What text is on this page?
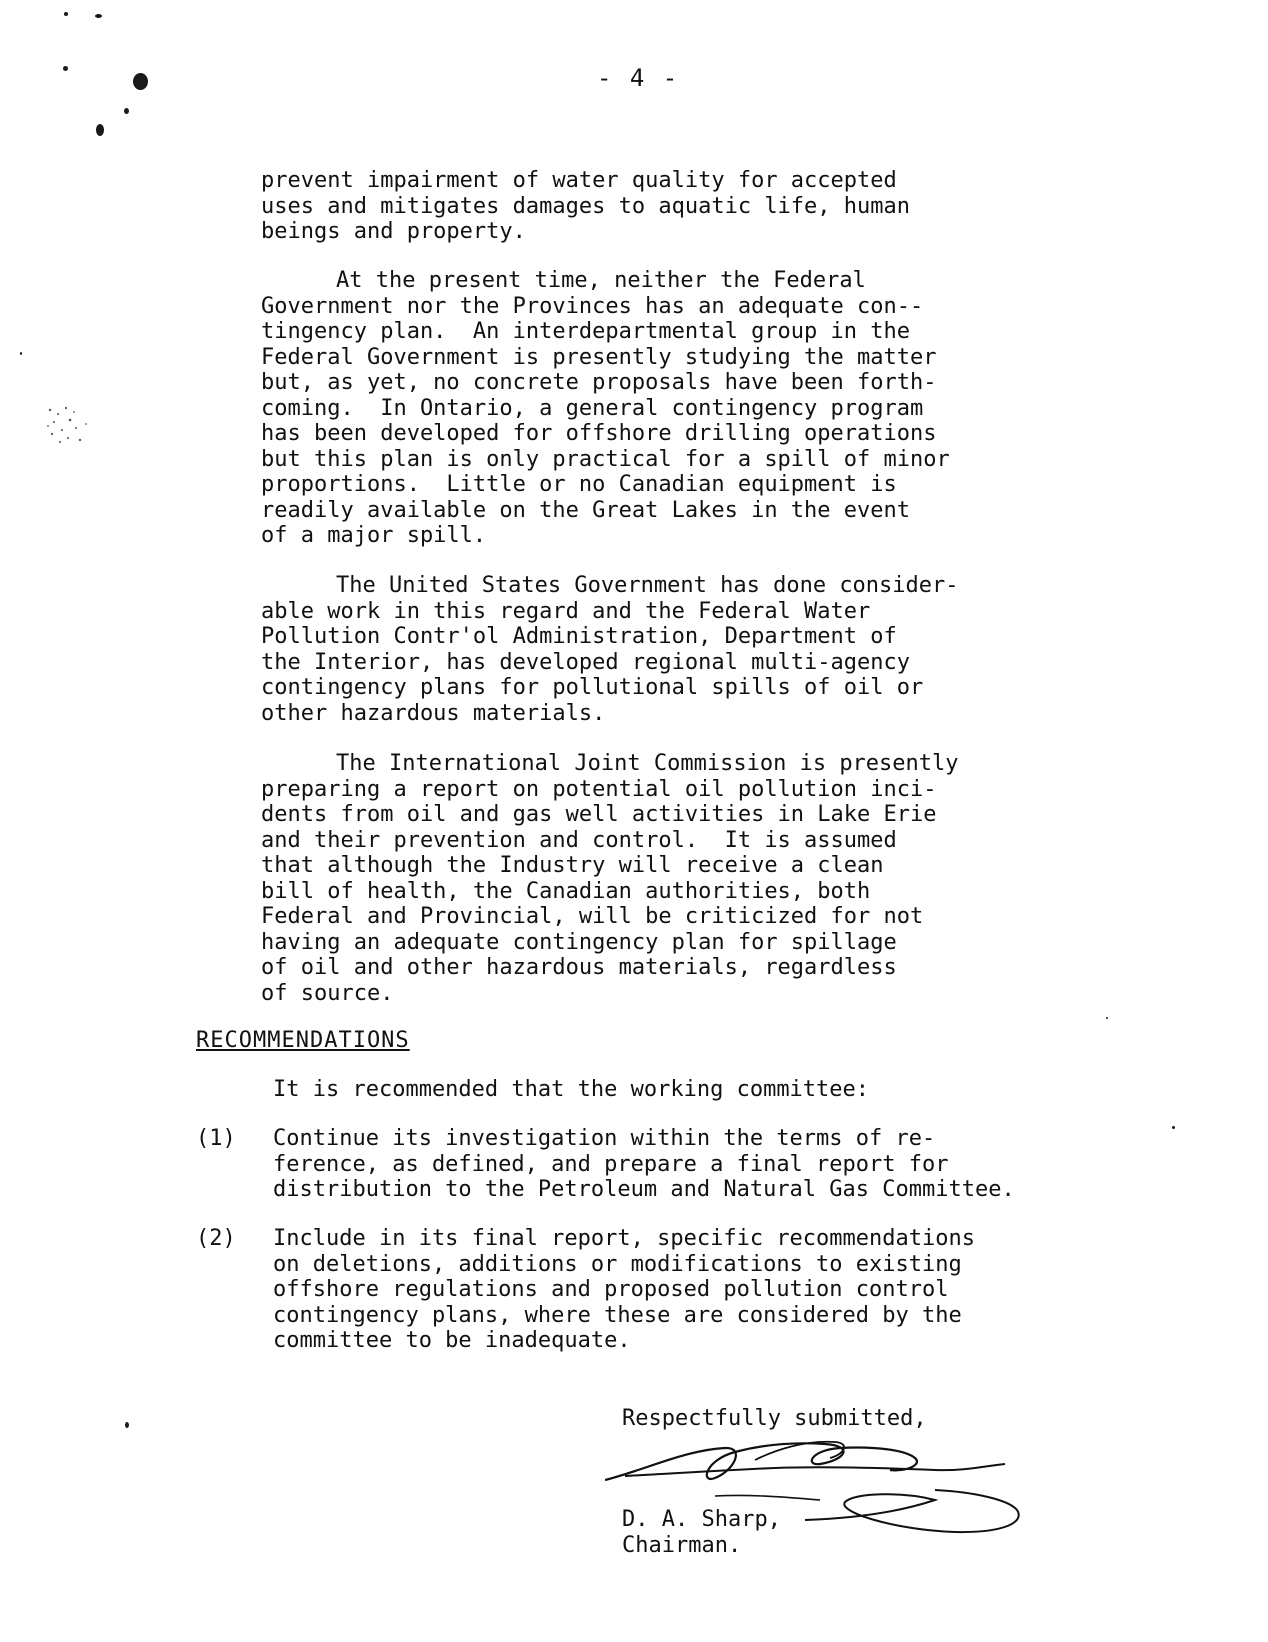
- 4 -
prevent impairment of water quality for accepted
uses and mitigates damages to aquatic life, human
beings and property.
At the present time, neither the Federal
Government nor the Provinces has an adequate con--
tingency plan.  An interdepartmental group in the
Federal Government is presently studying the matter
but, as yet, no concrete proposals have been forth-
coming.  In Ontario, a general contingency program
has been developed for offshore drilling operations
but this plan is only practical for a spill of minor
proportions.  Little or no Canadian equipment is
readily available on the Great Lakes in the event
of a major spill.
The United States Government has done consider-
able work in this regard and the Federal Water
Pollution Contr'ol Administration, Department of
the Interior, has developed regional multi-agency
contingency plans for pollutional spills of oil or
other hazardous materials.
The International Joint Commission is presently
preparing a report on potential oil pollution inci-
dents from oil and gas well activities in Lake Erie
and their prevention and control.  It is assumed
that although the Industry will receive a clean
bill of health, the Canadian authorities, both
Federal and Provincial, will be criticized for not
having an adequate contingency plan for spillage
of oil and other hazardous materials, regardless
of source.
RECOMMENDATIONS
It is recommended that the working committee:
(1)	Continue its investigation within the terms of re-
ference, as defined, and prepare a final report for
distribution to the Petroleum and Natural Gas Committee.
(2)	Include in its final report, specific recommendations
on deletions, additions or modifications to existing
offshore regulations and proposed pollution control
contingency plans, where these are considered by the
committee to be inadequate.
Respectfully submitted,
D. A. Sharp,
Chairman.
